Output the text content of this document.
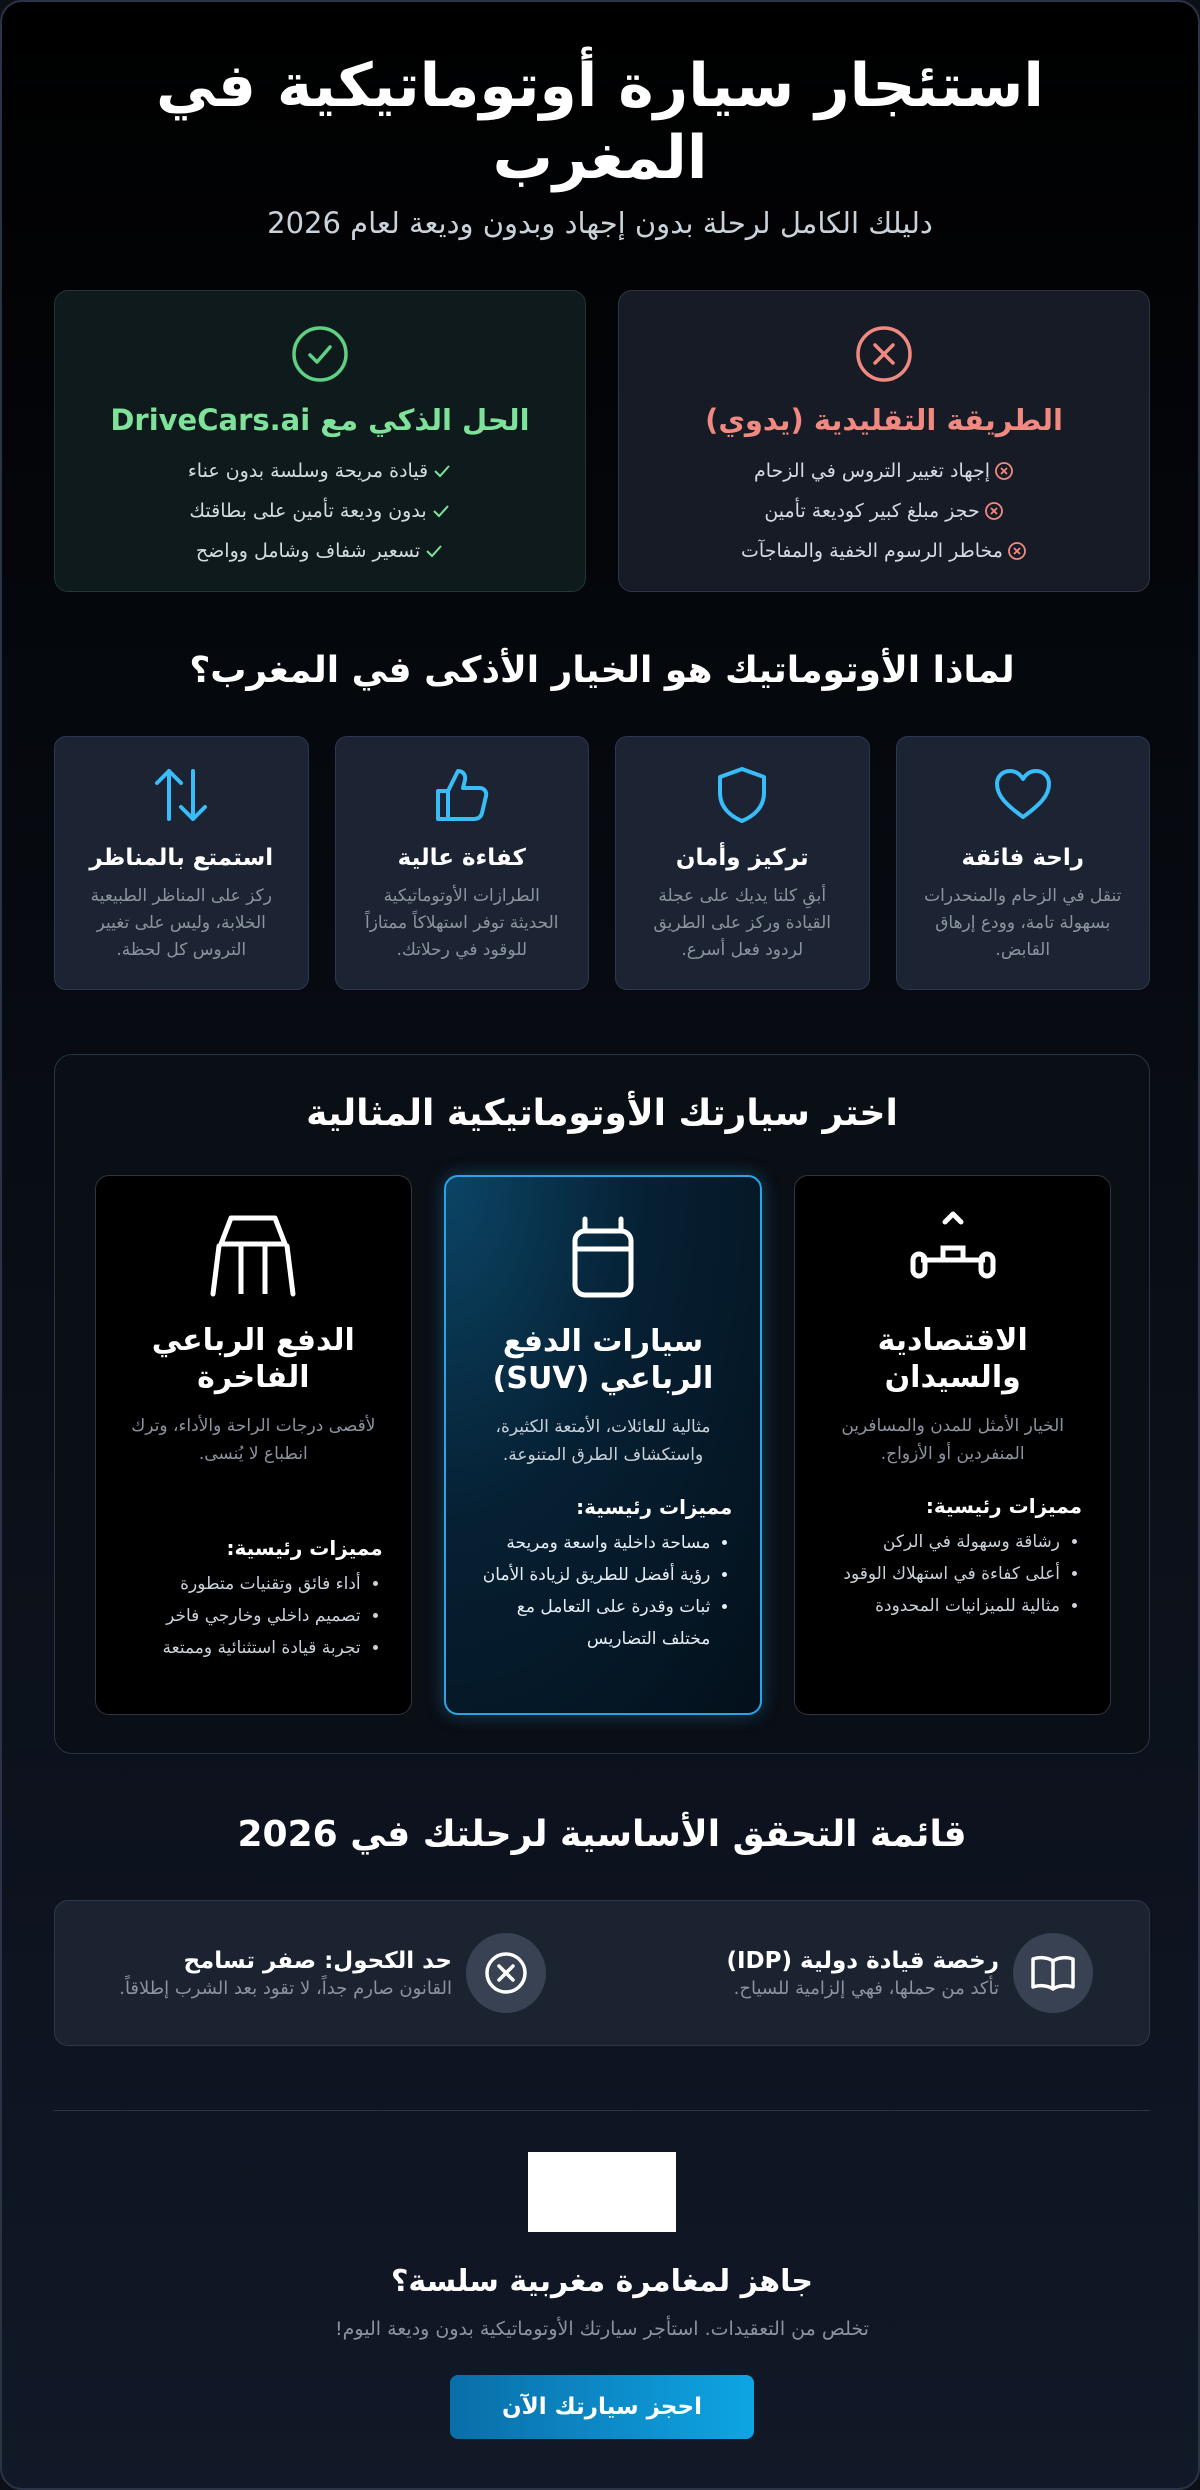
استئجار سيارة أوتوماتيكية في المغرب

دليلك الكامل لرحلة بدون إجهاد وبدون وديعة لعام 2026

الطريقة التقليدية (يدوي)
إجهاد تغيير التروس في الزحام
حجز مبلغ كبير كوديعة تأمين
مخاطر الرسوم الخفية والمفاجآت
الحل الذكي مع DriveCars.ai
قيادة مريحة وسلسة بدون عناء
بدون وديعة تأمين على بطاقتك
تسعير شفاف وشامل وواضح
لماذا الأوتوماتيك هو الخيار الأذكى في المغرب؟
راحة فائقة

تنقل في الزحام والمنحدرات بسهولة تامة، وودع إرهاق القابض.

تركيز وأمان

أبقِ كلتا يديك على عجلة القيادة وركز على الطريق لردود فعل أسرع.

كفاءة عالية

الطرازات الأوتوماتيكية الحديثة توفر استهلاكاً ممتازاً للوقود في رحلاتك.

استمتع بالمناظر

ركز على المناظر الطبيعية الخلابة، وليس على تغيير التروس كل لحظة.

اختر سيارتك الأوتوماتيكية المثالية
الاقتصادية والسيدان

الخيار الأمثل للمدن والمسافرين المنفردين أو الأزواج.

مميزات رئيسية:
• رشاقة وسهولة في الركن
• أعلى كفاءة في استهلاك الوقود
• مثالية للميزانيات المحدودة
سيارات الدفع الرباعي (SUV)

مثالية للعائلات، الأمتعة الكثيرة، واستكشاف الطرق المتنوعة.

مميزات رئيسية:
• مساحة داخلية واسعة ومريحة
• رؤية أفضل للطريق لزيادة الأمان
• ثبات وقدرة على التعامل مع مختلف التضاريس
الدفع الرباعي الفاخرة

لأقصى درجات الراحة والأداء، وترك انطباع لا يُنسى.

مميزات رئيسية:
• أداء فائق وتقنيات متطورة
• تصميم داخلي وخارجي فاخر
• تجربة قيادة استثنائية وممتعة
قائمة التحقق الأساسية لرحلتك في 2026
رخصة قيادة دولية (IDP)
تأكد من حملها، فهي إلزامية للسياح.
حد الكحول: صفر تسامح
القانون صارم جداً، لا تقود بعد الشرب إطلاقاً.
جاهز لمغامرة مغربية سلسة؟

تخلص من التعقيدات. استأجر سيارتك الأوتوماتيكية بدون وديعة اليوم!

احجز سيارتك الآن
